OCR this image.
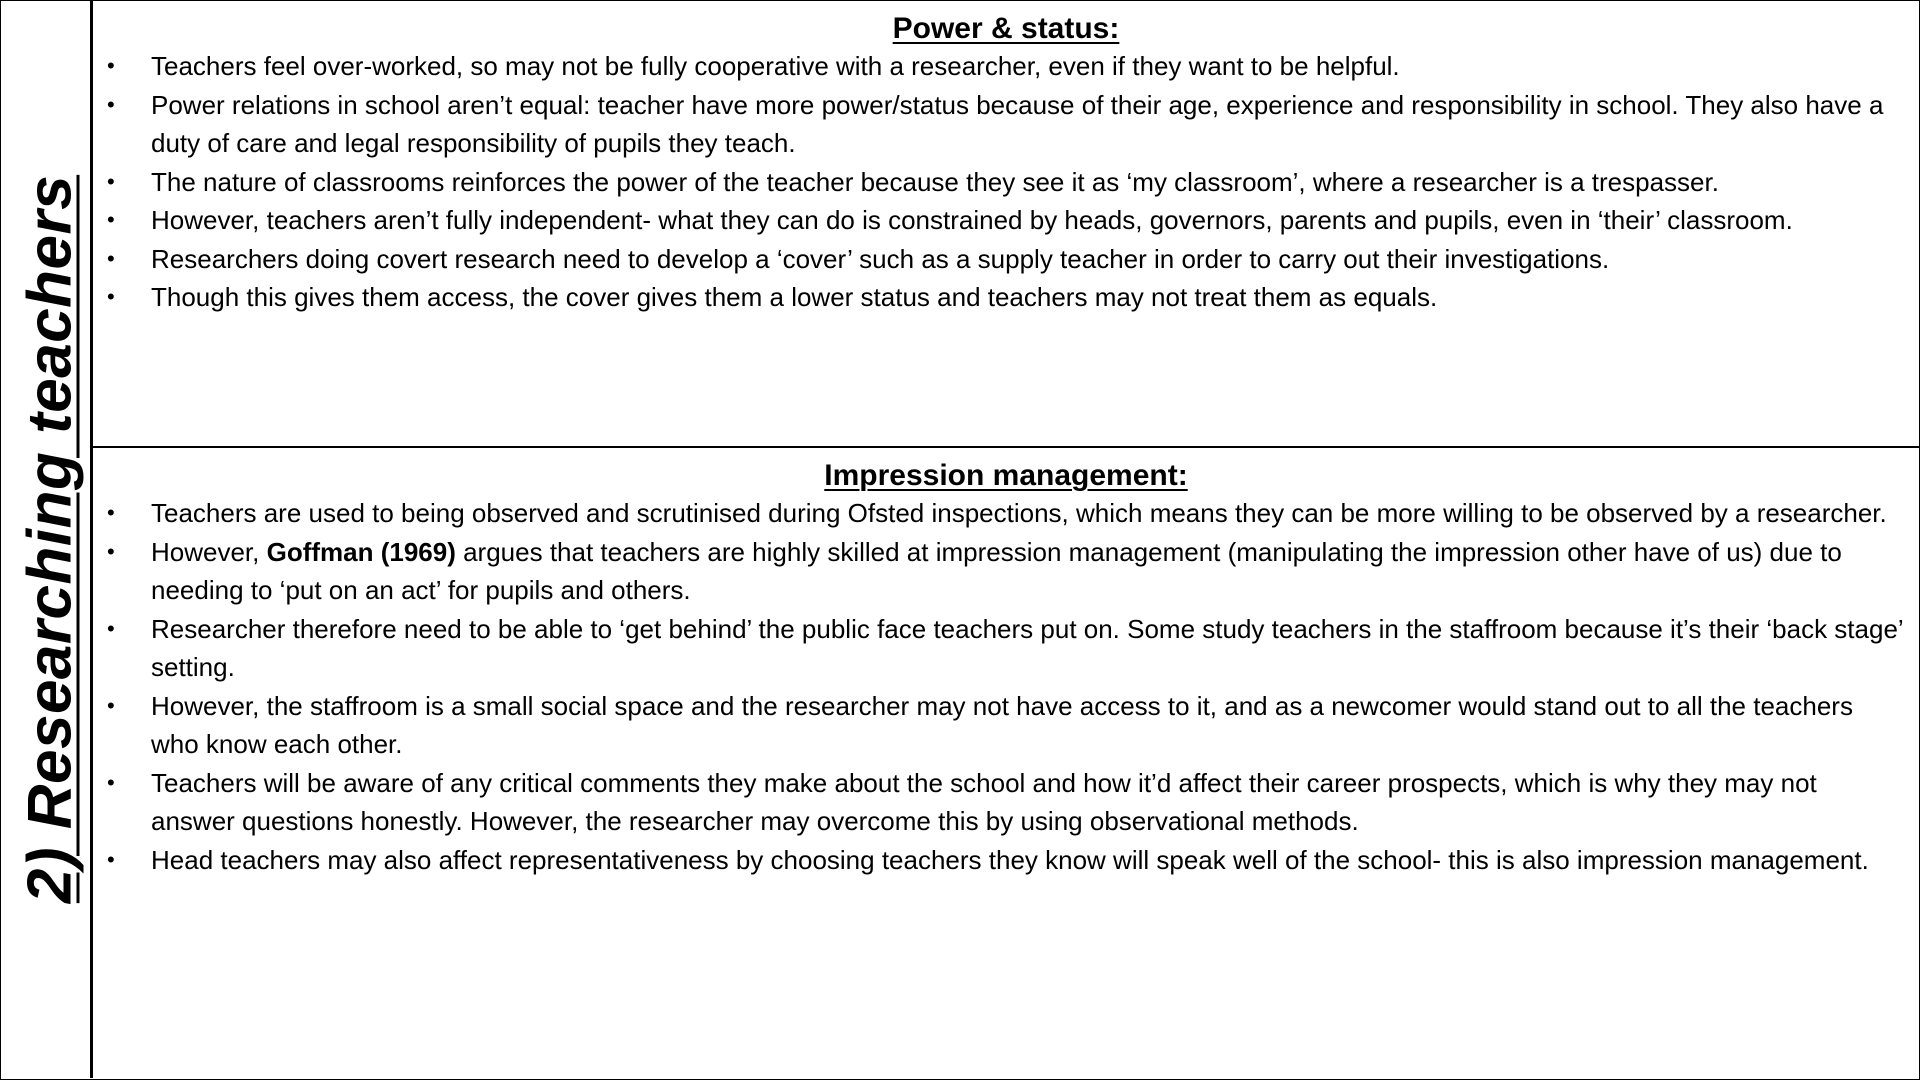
2) Researching teachers
Power & status:
• Teachers feel over-worked, so may not be fully cooperative with a researcher, even if they want to be helpful.
• Power relations in school aren’t equal: teacher have more power/status because of their age, experience and responsibility in school. They also have a duty of care and legal responsibility of pupils they teach.
• The nature of classrooms reinforces the power of the teacher because they see it as ‘my classroom’, where a researcher is a trespasser.
• However, teachers aren’t fully independent- what they can do is constrained by heads, governors, parents and pupils, even in ‘their’ classroom.
• Researchers doing covert research need to develop a ‘cover’ such as a supply teacher in order to carry out their investigations.
• Though this gives them access, the cover gives them a lower status and teachers may not treat them as equals.
Impression management:
• Teachers are used to being observed and scrutinised during Ofsted inspections, which means they can be more willing to be observed by a researcher.
• However, Goffman (1969) argues that teachers are highly skilled at impression management (manipulating the impression other have of us) due to needing to ‘put on an act’ for pupils and others.
• Researcher therefore need to be able to ‘get behind’ the public face teachers put on. Some study teachers in the staffroom because it’s their ‘back stage’ setting.
• However, the staffroom is a small social space and the researcher may not have access to it, and as a newcomer would stand out to all the teachers who know each other.
• Teachers will be aware of any critical comments they make about the school and how it’d affect their career prospects, which is why they may not answer questions honestly. However, the researcher may overcome this by using observational methods.
• Head teachers may also affect representativeness by choosing teachers they know will speak well of the school- this is also impression management.
